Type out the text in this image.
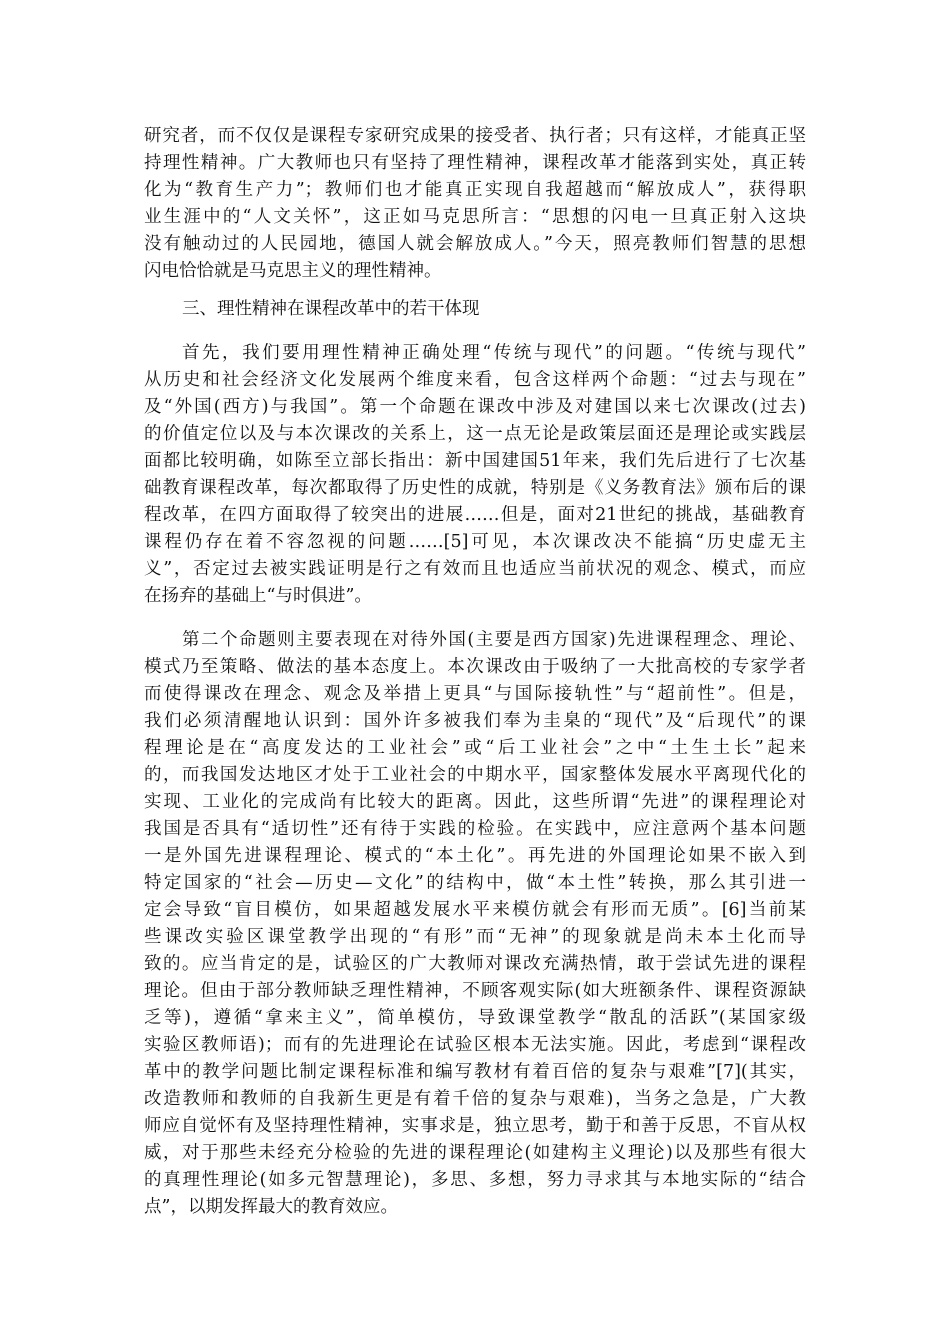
研究者，而不仅仅是课程专家研究成果的接受者、执行者；只有这样，才能真正坚
持理性精神。广大教师也只有坚持了理性精神，课程改革才能落到实处，真正转
化为“教育生产力”；教师们也才能真正实现自我超越而“解放成人”，获得职
业生涯中的“人文关怀”，这正如马克思所言：“思想的闪电一旦真正射入这块
没有触动过的人民园地，德国人就会解放成人。”今天，照亮教师们智慧的思想
闪电恰恰就是马克思主义的理性精神。
三、理性精神在课程改革中的若干体现
首先，我们要用理性精神正确处理“传统与现代”的问题。“传统与现代”
从历史和社会经济文化发展两个维度来看，包含这样两个命题：“过去与现在”
及“外国(西方)与我国”。第一个命题在课改中涉及对建国以来七次课改(过去)
的价值定位以及与本次课改的关系上，这一点无论是政策层面还是理论或实践层
面都比较明确，如陈至立部长指出：新中国建国51年来，我们先后进行了七次基
础教育课程改革，每次都取得了历史性的成就，特别是《义务教育法》颁布后的课
程改革，在四方面取得了较突出的进展……但是，面对21世纪的挑战，基础教育
课程仍存在着不容忽视的问题……[5]可见，本次课改决不能搞“历史虚无主
义”，否定过去被实践证明是行之有效而且也适应当前状况的观念、模式，而应
在扬弃的基础上“与时俱进”。
第二个命题则主要表现在对待外国(主要是西方国家)先进课程理念、理论、
模式乃至策略、做法的基本态度上。本次课改由于吸纳了一大批高校的专家学者
而使得课改在理念、观念及举措上更具“与国际接轨性”与“超前性”。但是，
我们必须清醒地认识到：国外许多被我们奉为圭臬的“现代”及“后现代”的课
程理论是在“高度发达的工业社会”或“后工业社会”之中“土生土长”起来
的，而我国发达地区才处于工业社会的中期水平，国家整体发展水平离现代化的
实现、工业化的完成尚有比较大的距离。因此，这些所谓“先进”的课程理论对
我国是否具有“适切性”还有待于实践的检验。在实践中，应注意两个基本问题
一是外国先进课程理论、模式的“本土化”。再先进的外国理论如果不嵌入到
特定国家的“社会—历史—文化”的结构中，做“本土性”转换，那么其引进一
定会导致“盲目模仿，如果超越发展水平来模仿就会有形而无质”。[6]当前某
些课改实验区课堂教学出现的“有形”而“无神”的现象就是尚未本土化而导
致的。应当肯定的是，试验区的广大教师对课改充满热情，敢于尝试先进的课程
理论。但由于部分教师缺乏理性精神，不顾客观实际(如大班额条件、课程资源缺
乏等)，遵循“拿来主义”，简单模仿，导致课堂教学“散乱的活跃”(某国家级
实验区教师语)；而有的先进理论在试验区根本无法实施。因此，考虑到“课程改
革中的教学问题比制定课程标准和编写教材有着百倍的复杂与艰难”[7](其实，
改造教师和教师的自我新生更是有着千倍的复杂与艰难)，当务之急是，广大教
师应自觉怀有及坚持理性精神，实事求是，独立思考，勤于和善于反思，不盲从权
威，对于那些未经充分检验的先进的课程理论(如建构主义理论)以及那些有很大
的真理性理论(如多元智慧理论)，多思、多想，努力寻求其与本地实际的“结合
点”，以期发挥最大的教育效应。
